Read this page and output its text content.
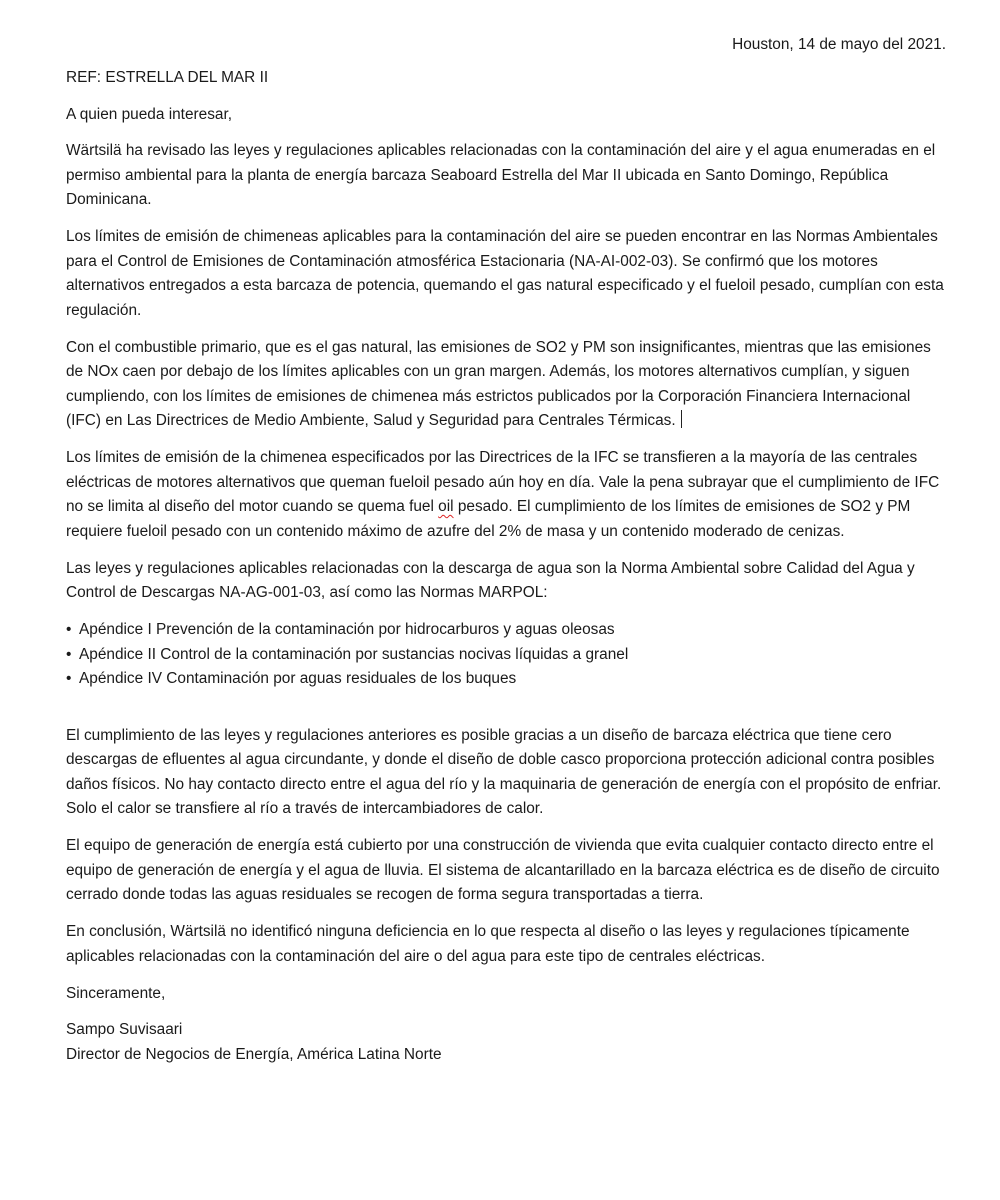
Houston, 14 de mayo del 2021.

REF: ESTRELLA DEL MAR II

A quien pueda interesar,

Wärtsilä ha revisado las leyes y regulaciones aplicables relacionadas con la contaminación del aire y el agua enumeradas en el permiso ambiental para la planta de energía barcaza Seaboard Estrella del Mar II ubicada en Santo Domingo, República Dominicana.

Los límites de emisión de chimeneas aplicables para la contaminación del aire se pueden encontrar en las Normas Ambientales para el Control de Emisiones de Contaminación atmosférica Estacionaria (NA-AI-002-03). Se confirmó que los motores alternativos entregados a esta barcaza de potencia, quemando el gas natural especificado y el fueloil pesado, cumplían con esta regulación.

Con el combustible primario, que es el gas natural, las emisiones de SO2 y PM son insignificantes, mientras que las emisiones de NOx caen por debajo de los límites aplicables con un gran margen. Además, los motores alternativos cumplían, y siguen cumpliendo, con los límites de emisiones de chimenea más estrictos publicados por la Corporación Financiera Internacional (IFC) en Las Directrices de Medio Ambiente, Salud y Seguridad para Centrales Térmicas.

Los límites de emisión de la chimenea especificados por las Directrices de la IFC se transfieren a la mayoría de las centrales eléctricas de motores alternativos que queman fueloil pesado aún hoy en día. Vale la pena subrayar que el cumplimiento de IFC no se limita al diseño del motor cuando se quema fuel oil pesado. El cumplimiento de los límites de emisiones de SO2 y PM requiere fueloil pesado con un contenido máximo de azufre del 2% de masa y un contenido moderado de cenizas.

Las leyes y regulaciones aplicables relacionadas con la descarga de agua son la Norma Ambiental sobre Calidad del Agua y Control de Descargas NA-AG-001-03, así como las Normas MARPOL:

• Apéndice I Prevención de la contaminación por hidrocarburos y aguas oleosas
• Apéndice II Control de la contaminación por sustancias nocivas líquidas a granel
• Apéndice IV Contaminación por aguas residuales de los buques

El cumplimiento de las leyes y regulaciones anteriores es posible gracias a un diseño de barcaza eléctrica que tiene cero descargas de efluentes al agua circundante, y donde el diseño de doble casco proporciona protección adicional contra posibles daños físicos. No hay contacto directo entre el agua del río y la maquinaria de generación de energía con el propósito de enfriar. Solo el calor se transfiere al río a través de intercambiadores de calor.

El equipo de generación de energía está cubierto por una construcción de vivienda que evita cualquier contacto directo entre el equipo de generación de energía y el agua de lluvia. El sistema de alcantarillado en la barcaza eléctrica es de diseño de circuito cerrado donde todas las aguas residuales se recogen de forma segura transportadas a tierra.

En conclusión, Wärtsilä no identificó ninguna deficiencia en lo que respecta al diseño o las leyes y regulaciones típicamente aplicables relacionadas con la contaminación del aire o del agua para este tipo de centrales eléctricas.

Sinceramente,

Sampo Suvisaari

Director de Negocios de Energía, América Latina Norte
